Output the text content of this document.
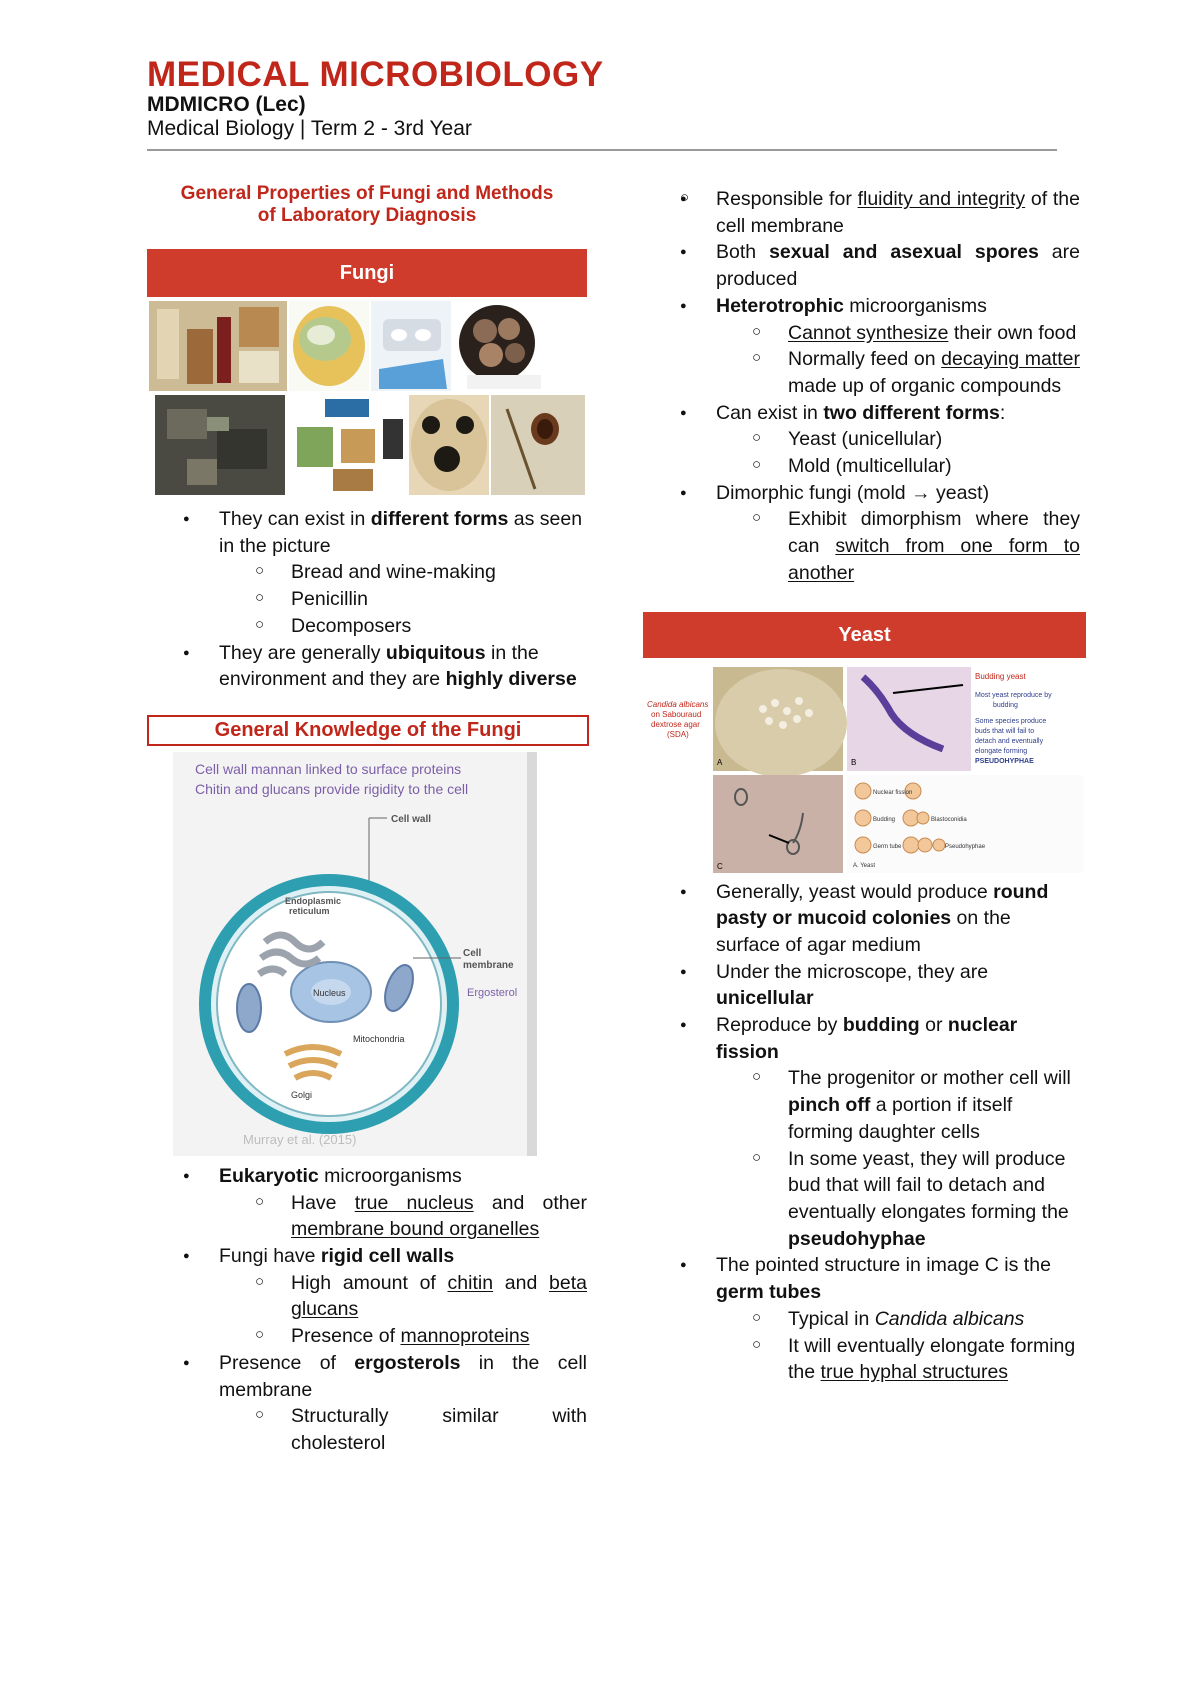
MEDICAL MICROBIOLOGY
MDMICRO (Lec)
Medical Biology | Term 2 - 3rd Year
General Properties of Fungi and Methods
of Laboratory Diagnosis
Fungi
● They can exist in different forms as seen in the picture
○ Bread and wine-making
○ Penicillin
○ Decomposers
● They are generally ubiquitous in the environment and they are highly diverse
General Knowledge of the Fungi
Cell wall mannan linked to surface proteins
Chitin and glucans provide rigidity to the cell
Cell wall
Nucleus
Endoplasmic
reticulum
Mitochondria
Golgi
Cell
membrane
Ergosterol
Murray et al. (2015)
● Eukaryotic microorganisms
○ Have true nucleus and other membrane bound organelles
● Fungi have rigid cell walls
○ High amount of chitin and beta glucans
○ Presence of mannoproteins
● Presence of ergosterols in the cell membrane
○ Structurally similar with cholesterol
○ ● Responsible for fluidity and integrity of the cell membrane
● Both sexual and asexual spores are produced
● Heterotrophic microorganisms
○ Cannot synthesize their own food
○ Normally feed on decaying matter made up of organic compounds
● Can exist in two different forms:
○ Yeast (unicellular)
○ Mold (multicellular)
● Dimorphic fungi (mold → yeast)
○ Exhibit dimorphism where they can switch from one form to another
Yeast
A
Candida albicans
on Sabouraud
dextrose agar
(SDA)
B
Budding yeast
Most yeast reproduce by
budding
Some species produce
buds that will fail to
detach and eventually
elongate forming
PSEUDOHYPHAE
C
Nuclear fission
Budding	Blastoconidia
Germ tube	Pseudohyphae
A. Yeast
● Generally, yeast would produce round pasty or mucoid colonies on the surface of agar medium
● Under the microscope, they are unicellular
● Reproduce by budding or nuclear fission
○ The progenitor or mother cell will pinch off a portion if itself forming daughter cells
○ In some yeast, they will produce bud that will fail to detach and eventually elongates forming the pseudohyphae
● The pointed structure in image C is the germ tubes
○ Typical in Candida albicans
○ It will eventually elongate forming the true hyphal structures
